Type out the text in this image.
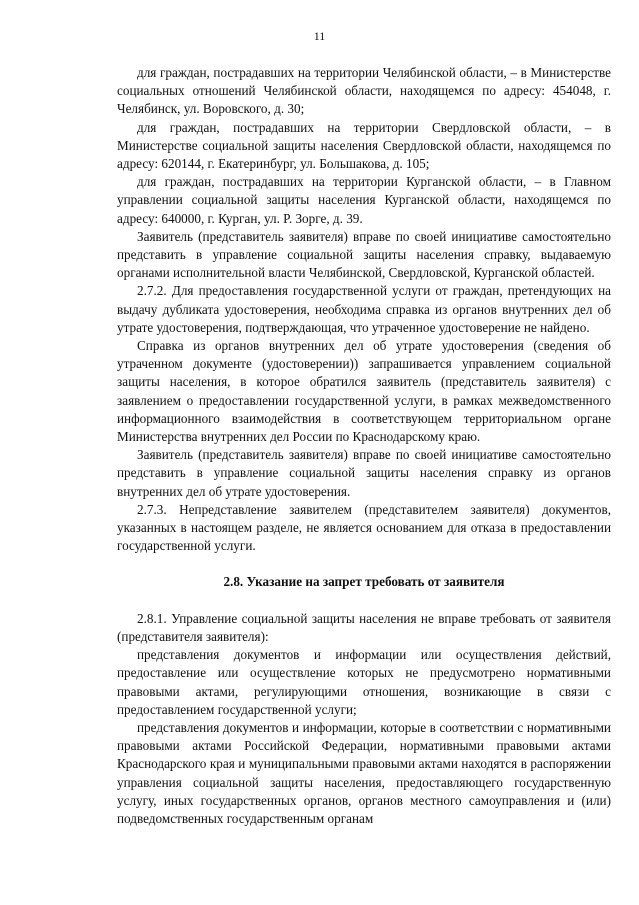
11

для граждан, пострадавших на территории Челябинской области, – в Министерстве социальных отношений Челябинской области, находящемся по адресу: 454048, г. Челябинск, ул. Воровского, д. 30;

для граждан, пострадавших на территории Свердловской области, – в Министерстве социальной защиты населения Свердловской области, находящемся по адресу: 620144, г. Екатеринбург, ул. Большакова, д. 105;

для граждан, пострадавших на территории Курганской области, – в Главном управлении социальной защиты населения Курганской области, находящемся по адресу: 640000, г. Курган, ул. Р. Зорге, д. 39.

Заявитель (представитель заявителя) вправе по своей инициативе самостоятельно представить в управление социальной защиты населения справку, выдаваемую органами исполнительной власти Челябинской, Свердловской, Курганской областей.

2.7.2. Для предоставления государственной услуги от граждан, претендующих на выдачу дубликата удостоверения, необходима справка из органов внутренних дел об утрате удостоверения, подтверждающая, что утраченное удостоверение не найдено.

Справка из органов внутренних дел об утрате удостоверения (сведения об утраченном документе (удостоверении)) запрашивается управлением социальной защиты населения, в которое обратился заявитель (представитель заявителя) с заявлением о предоставлении государственной услуги, в рамках межведомственного информационного взаимодействия в соответствующем территориальном органе Министерства внутренних дел России по Краснодарскому краю.

Заявитель (представитель заявителя) вправе по своей инициативе самостоятельно представить в управление социальной защиты населения справку из органов внутренних дел об утрате удостоверения.

2.7.3. Непредставление заявителем (представителем заявителя) документов, указанных в настоящем разделе, не является основанием для отказа в предоставлении государственной услуги.

2.8. Указание на запрет требовать от заявителя

2.8.1. Управление социальной защиты населения не вправе требовать от заявителя (представителя заявителя):

представления документов и информации или осуществления действий, предоставление или осуществление которых не предусмотрено нормативными правовыми актами, регулирующими отношения, возникающие в связи с предоставлением государственной услуги;

представления документов и информации, которые в соответствии с нормативными правовыми актами Российской Федерации, нормативными правовыми актами Краснодарского края и муниципальными правовыми актами находятся в распоряжении управления социальной защиты населения, предоставляющего государственную услугу, иных государственных органов, органов местного самоуправления и (или) подведомственных государственным органам
